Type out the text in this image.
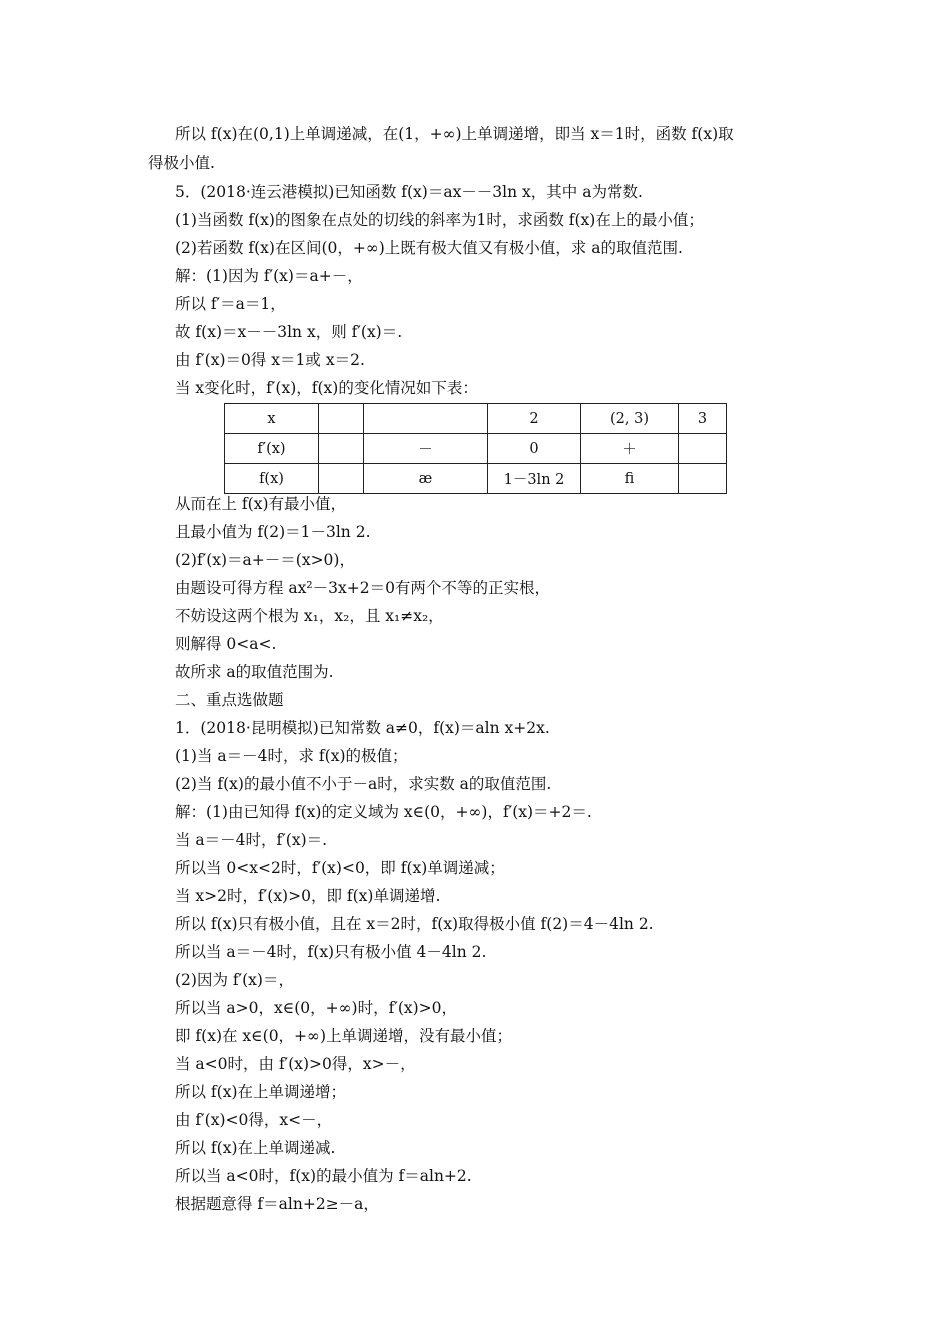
所以 f(x)在(0,1)上单调递减，在(1，+∞)上单调递增，即当 x＝1时，函数 f(x)取
得极小值.
5．(2018·连云港模拟)已知函数 f(x)＝ax－－3ln x，其中 a为常数.
(1)当函数 f(x)的图象在点处的切线的斜率为1时，求函数 f(x)在上的最小值；
(2)若函数 f(x)在区间(0，+∞)上既有极大值又有极小值，求 a的取值范围.
解：(1)因为 f′(x)＝a+－，
所以 f′＝a＝1，
故 f(x)＝x－－3ln x，则 f′(x)＝.
由 f′(x)＝0得 x＝1或 x＝2.
当 x变化时，f′(x)，f(x)的变化情况如下表：
x			2	(2, 3)	3
f′(x)		－	0	＋	
f(x)		æ	1－3ln 2	ﬁ	
从而在上 f(x)有最小值，
且最小值为 f(2)＝1－3ln 2.
(2)f′(x)＝a+－＝(x>0)，
由题设可得方程 ax²－3x+2＝0有两个不等的正实根，
不妨设这两个根为 x₁，x₂，且 x₁≠x₂，
则解得 0<a<.
故所求 a的取值范围为.
二、重点选做题
1．(2018·昆明模拟)已知常数 a≠0，f(x)＝aln x+2x.
(1)当 a＝－4时，求 f(x)的极值；
(2)当 f(x)的最小值不小于－a时，求实数 a的取值范围.
解：(1)由已知得 f(x)的定义域为 x∈(0，+∞)，f′(x)＝+2＝.
当 a＝－4时，f′(x)＝.
所以当 0<x<2时，f′(x)<0，即 f(x)单调递减；
当 x>2时，f′(x)>0，即 f(x)单调递增.
所以 f(x)只有极小值，且在 x＝2时，f(x)取得极小值 f(2)＝4－4ln 2.
所以当 a＝－4时，f(x)只有极小值 4－4ln 2.
(2)因为 f′(x)＝，
所以当 a>0，x∈(0，+∞)时，f′(x)>0，
即 f(x)在 x∈(0，+∞)上单调递增，没有最小值；
当 a<0时，由 f′(x)>0得，x>－，
所以 f(x)在上单调递增；
由 f′(x)<0得，x<－，
所以 f(x)在上单调递减.
所以当 a<0时，f(x)的最小值为 f＝aln+2.
根据题意得 f＝aln+2≥－a，
